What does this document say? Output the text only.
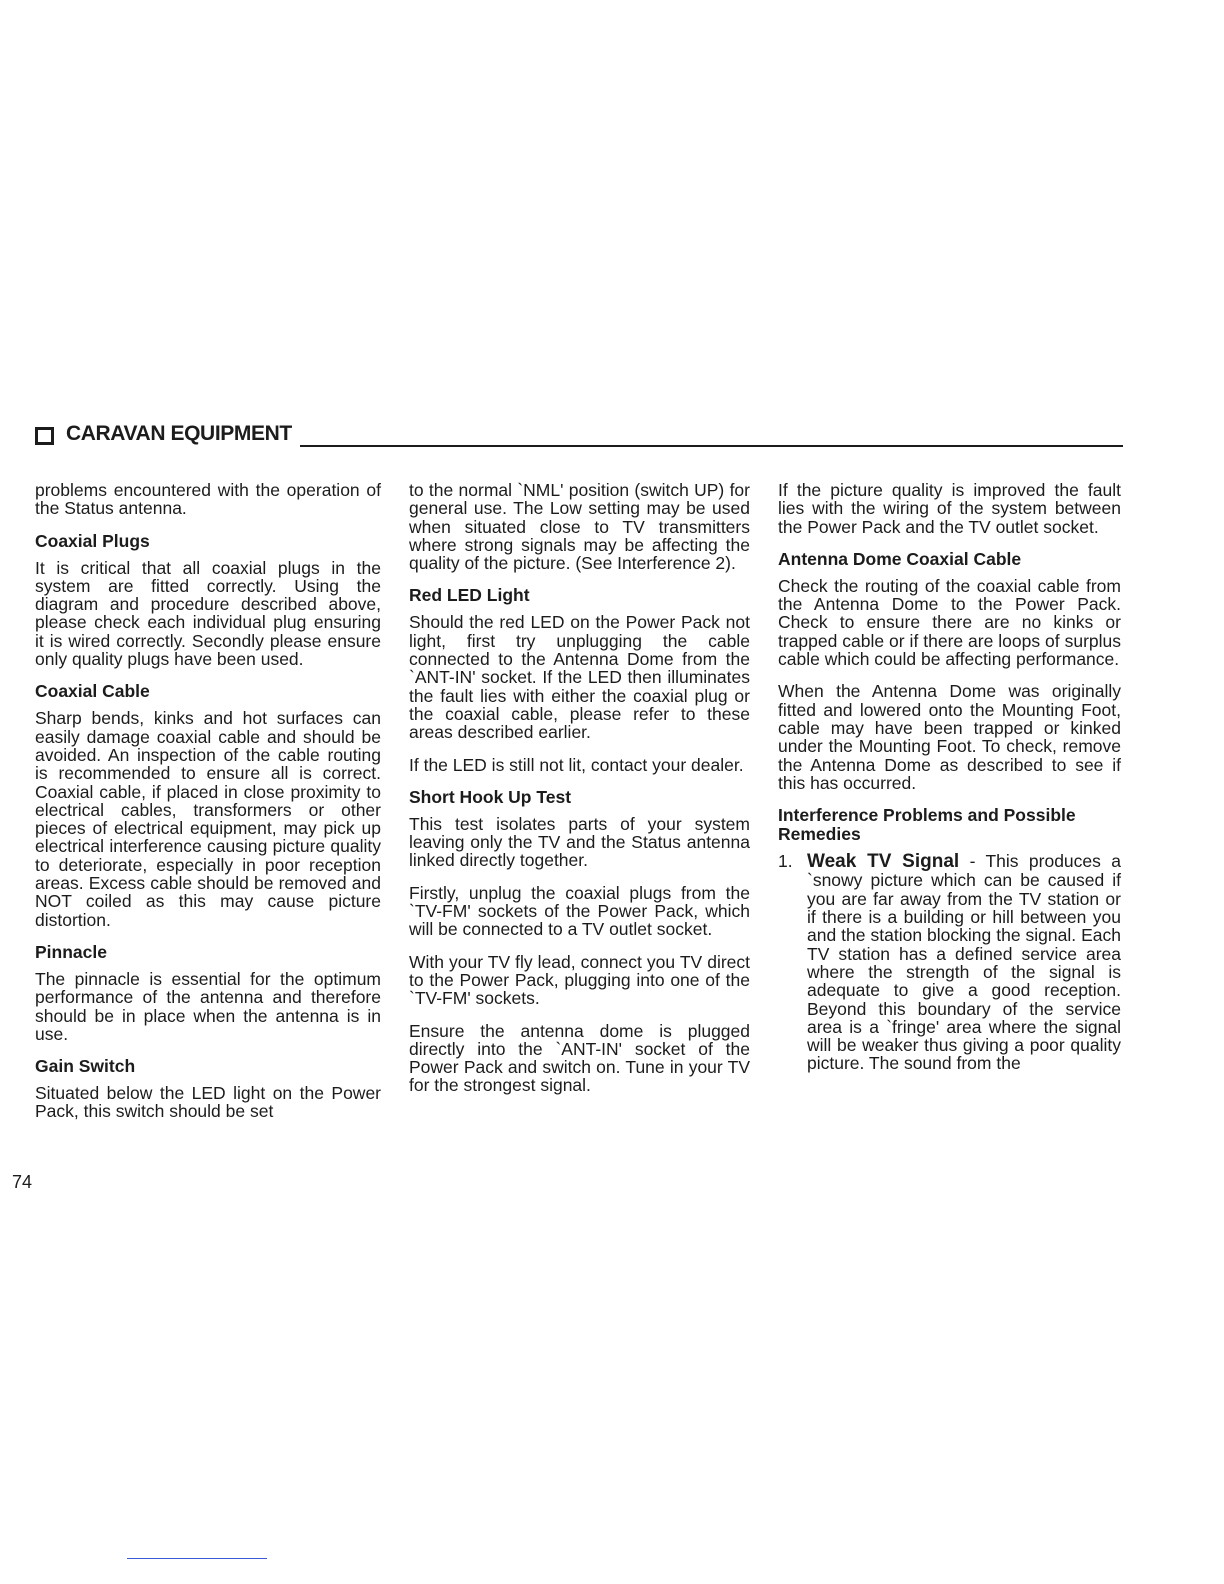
CARAVAN EQUIPMENT

problems encountered with the operation of the Status antenna.

Coaxial Plugs

It is critical that all coaxial plugs in the system are fitted correctly. Using the diagram and procedure described above, please check each individual plug ensuring it is wired correctly. Secondly please ensure only quality plugs have been used.

Coaxial Cable

Sharp bends, kinks and hot surfaces can easily damage coaxial cable and should be avoided. An inspection of the cable routing is recommended to ensure all is correct. Coaxial cable, if placed in close proximity to electrical cables, transformers or other pieces of electrical equipment, may pick up electrical interference causing picture quality to deteriorate, especially in poor reception areas. Excess cable should be removed and NOT coiled as this may cause picture distortion.

Pinnacle

The pinnacle is essential for the optimum performance of the antenna and therefore should be in place when the antenna is in use.

Gain Switch

Situated below the LED light on the Power Pack, this switch should be set

to the normal `NML' position (switch UP) for general use. The Low setting may be used when situated close to TV transmitters where strong signals may be affecting the quality of the picture. (See Interference 2).

Red LED Light

Should the red LED on the Power Pack not light, first try unplugging the cable connected to the Antenna Dome from the `ANT-IN' socket. If the LED then illuminates the fault lies with either the coaxial plug or the coaxial cable, please refer to these areas described earlier.

If the LED is still not lit, contact your dealer.

Short Hook Up Test

This test isolates parts of your system leaving only the TV and the Status antenna linked directly together.

Firstly, unplug the coaxial plugs from the `TV-FM' sockets of the Power Pack, which will be connected to a TV outlet socket.

With your TV fly lead, connect you TV direct to the Power Pack, plugging into one of the `TV-FM' sockets.

Ensure the antenna dome is plugged directly into the `ANT-IN' socket of the Power Pack and switch on. Tune in your TV for the strongest signal.

If the picture quality is improved the fault lies with the wiring of the system between the Power Pack and the TV outlet socket.

Antenna Dome Coaxial Cable

Check the routing of the coaxial cable from the Antenna Dome to the Power Pack. Check to ensure there are no kinks or trapped cable or if there are loops of surplus cable which could be affecting performance.

When the Antenna Dome was originally fitted and lowered onto the Mounting Foot, cable may have been trapped or kinked under the Mounting Foot. To check, remove the Antenna Dome as described to see if this has occurred.

Interference Problems and Possible Remedies
1. Weak TV Signal - This produces a `snowy picture which can be caused if you are far away from the TV station or if there is a building or hill between you and the station blocking the signal. Each TV station has a defined service area where the strength of the signal is adequate to give a good reception. Beyond this boundary of the service area is a `fringe' area where the signal will be weaker thus giving a poor quality picture. The sound from the
74
